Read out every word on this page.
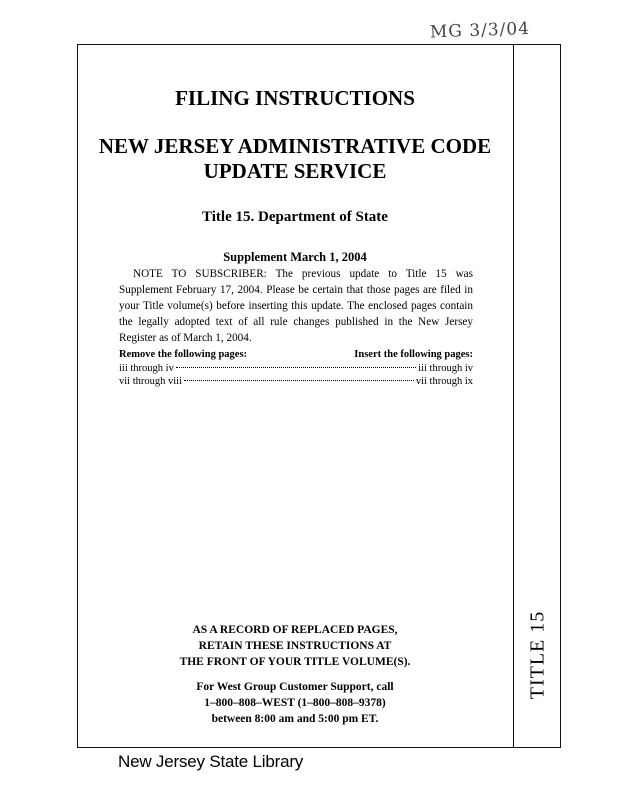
MG 3/3/04
TITLE 15
FILING INSTRUCTIONS
NEW JERSEY ADMINISTRATIVE CODE
UPDATE SERVICE
Title 15. Department of State
Supplement March 1, 2004

NOTE TO SUBSCRIBER: The previous update to Title 15 was Supplement February 17, 2004. Please be certain that those pages are filed in your Title volume(s) before inserting this update. The enclosed pages contain the legally adopted text of all rule changes published in the New Jersey Register as of March 1, 2004.

Remove the following pages:	Insert the following pages:
iii through iv	iii through iv
vii through viii	vii through ix
AS A RECORD OF REPLACED PAGES,
RETAIN THESE INSTRUCTIONS AT
THE FRONT OF YOUR TITLE VOLUME(S).
For West Group Customer Support, call
1–800–808–WEST (1–800–808–9378)
between 8:00 am and 5:00 pm ET.
New Jersey State Library
